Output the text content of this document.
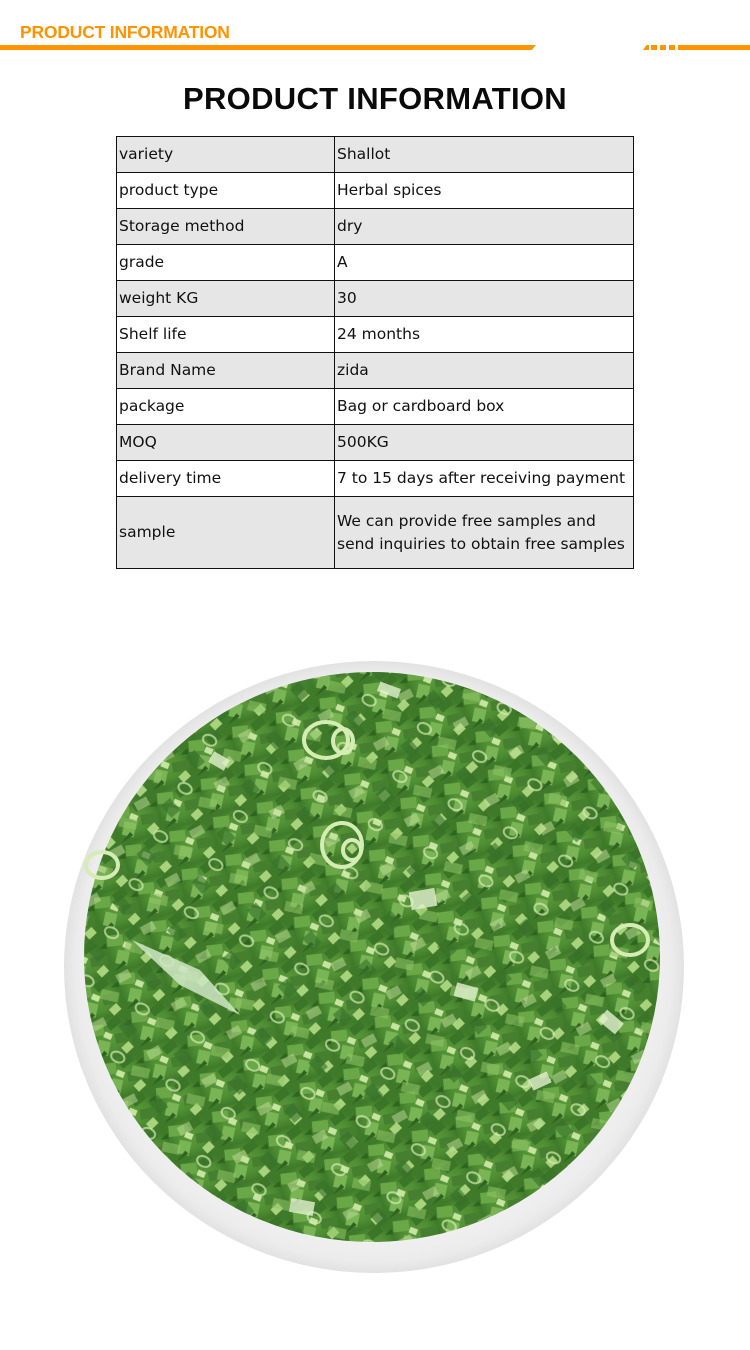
PRODUCT INFORMATION
PRODUCT INFORMATION
variety	Shallot
product type	Herbal spices
Storage method	dry
grade	A
weight KG	30
Shelf life	24 months
Brand Name	zida
package	Bag or cardboard box
MOQ	500KG
delivery time	7 to 15 days after receiving payment
sample	We can provide free samples and
send inquiries to obtain free samples
